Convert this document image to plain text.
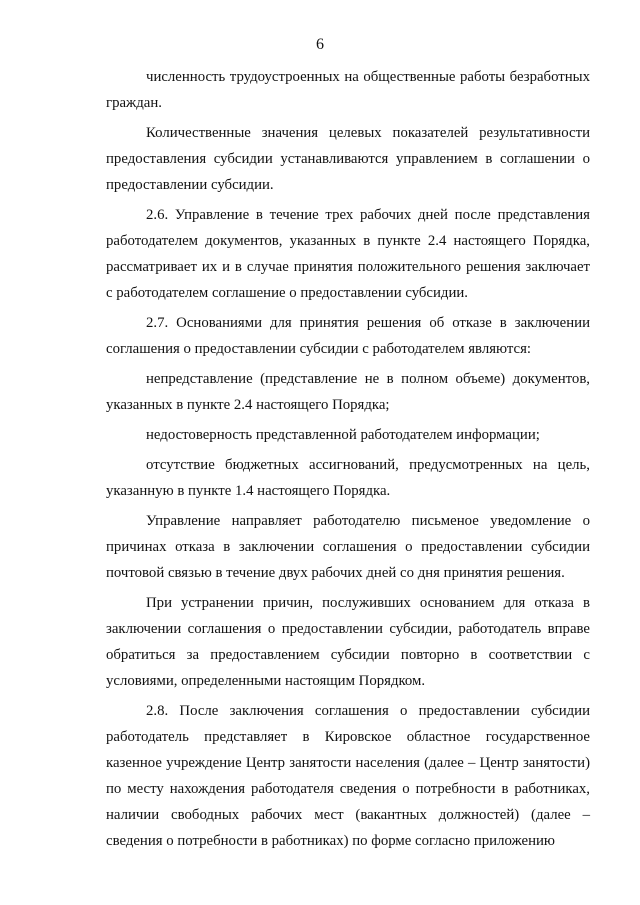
6

численность трудоустроенных на общественные работы безработных граждан.

Количественные значения целевых показателей результативности предоставления субсидии устанавливаются управлением в соглашении о предоставлении субсидии.

2.6. Управление в течение трех рабочих дней после представления работодателем документов, указанных в пункте 2.4 настоящего Порядка, рассматривает их и в случае принятия положительного решения заключает с работодателем соглашение о предоставлении субсидии.

2.7. Основаниями для принятия решения об отказе в заключении соглашения о предоставлении субсидии с работодателем являются:

непредставление (представление не в полном объеме) документов, указанных в пункте 2.4 настоящего Порядка;

недостоверность представленной работодателем информации;

отсутствие бюджетных ассигнований, предусмотренных на цель, указанную в пункте 1.4 настоящего Порядка.

Управление направляет работодателю письменое уведомление о причинах отказа в заключении соглашения о предоставлении субсидии почтовой связью в течение двух рабочих дней со дня принятия решения.

При устранении причин, послуживших основанием для отказа в заключении соглашения о предоставлении субсидии, работодатель вправе обратиться за предоставлением субсидии повторно в соответствии с условиями, определенными настоящим Порядком.

2.8. После заключения соглашения о предоставлении субсидии работодатель представляет в Кировское областное государственное казенное учреждение Центр занятости населения (далее – Центр занятости) по месту нахождения работодателя сведения о потребности в работниках, наличии свободных рабочих мест (вакантных должностей) (далее – сведения о потребности в работниках) по форме согласно приложению
